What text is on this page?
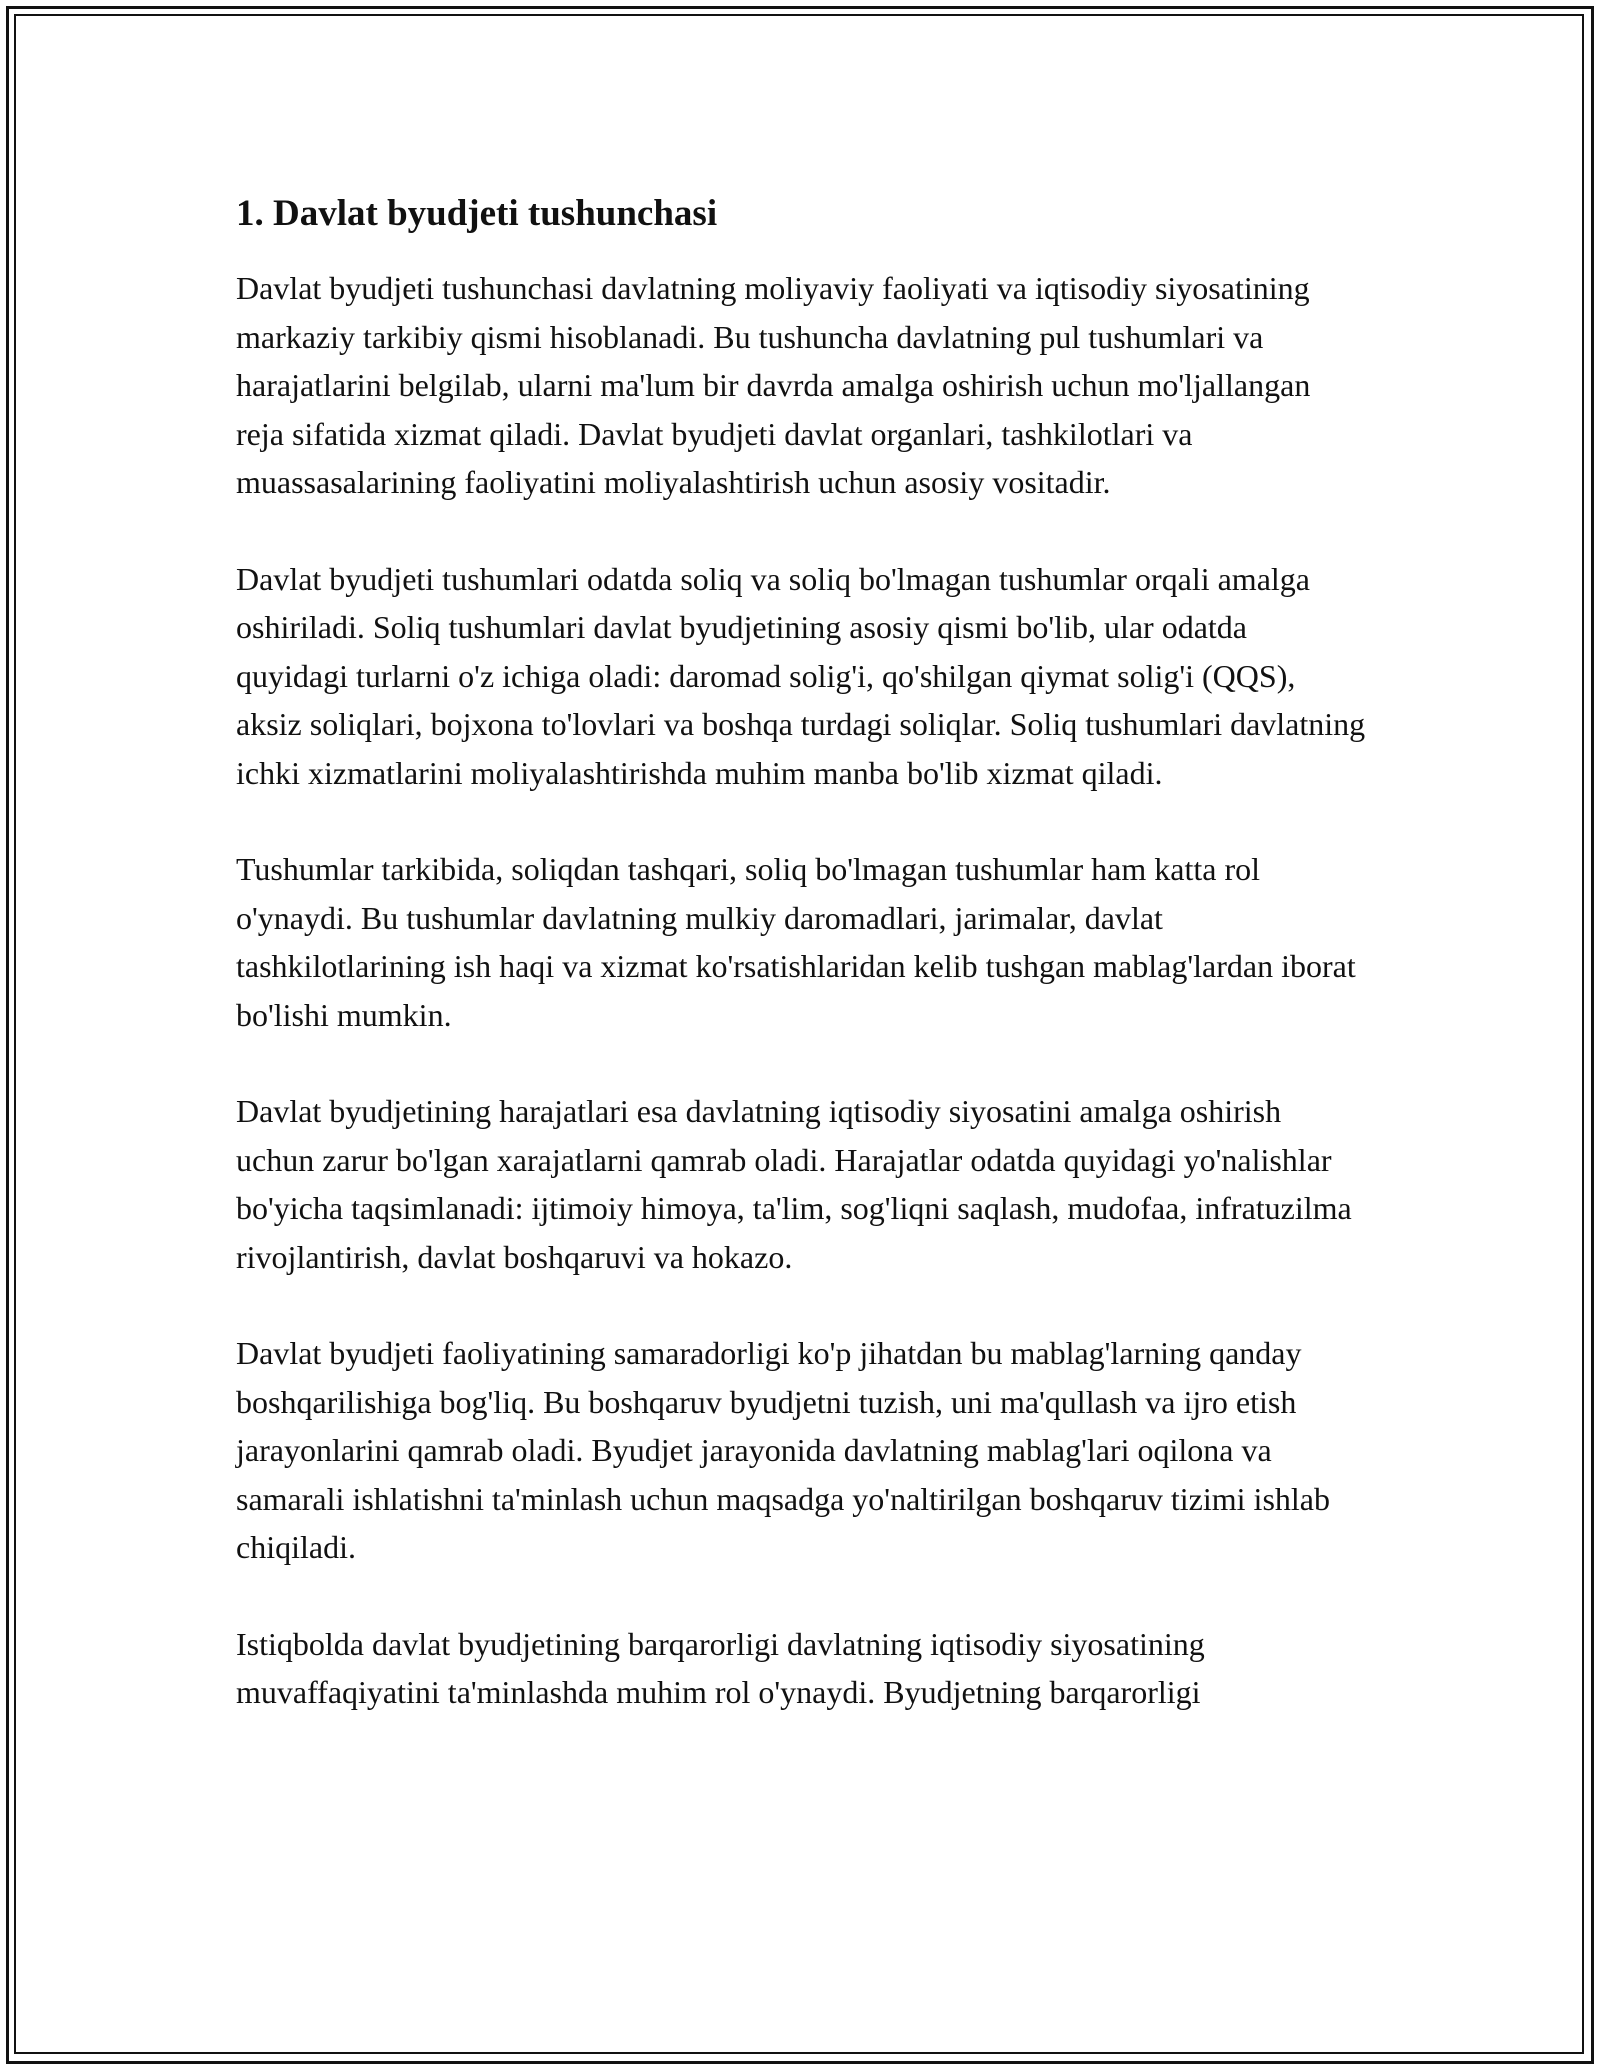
1. Davlat byudjeti tushunchasi

Davlat byudjeti tushunchasi davlatning moliyaviy faoliyati va iqtisodiy siyosatining markaziy tarkibiy qismi hisoblanadi. Bu tushuncha davlatning pul tushumlari va harajatlarini belgilab, ularni ma'lum bir davrda amalga oshirish uchun mo'ljallangan reja sifatida xizmat qiladi. Davlat byudjeti davlat organlari, tashkilotlari va muassasalarining faoliyatini moliyalashtirish uchun asosiy vositadir.

Davlat byudjeti tushumlari odatda soliq va soliq bo'lmagan tushumlar orqali amalga oshiriladi. Soliq tushumlari davlat byudjetining asosiy qismi bo'lib, ular odatda quyidagi turlarni o'z ichiga oladi: daromad solig'i, qo'shilgan qiymat solig'i (QQS), aksiz soliqlari, bojxona to'lovlari va boshqa turdagi soliqlar. Soliq tushumlari davlatning ichki xizmatlarini moliyalashtirishda muhim manba bo'lib xizmat qiladi.

Tushumlar tarkibida, soliqdan tashqari, soliq bo'lmagan tushumlar ham katta rol o'ynaydi. Bu tushumlar davlatning mulkiy daromadlari, jarimalar, davlat tashkilotlarining ish haqi va xizmat ko'rsatishlaridan kelib tushgan mablag'lardan iborat bo'lishi mumkin.

Davlat byudjetining harajatlari esa davlatning iqtisodiy siyosatini amalga oshirish uchun zarur bo'lgan xarajatlarni qamrab oladi. Harajatlar odatda quyidagi yo'nalishlar bo'yicha taqsimlanadi: ijtimoiy himoya, ta'lim, sog'liqni saqlash, mudofaa, infratuzilma rivojlantirish, davlat boshqaruvi va hokazo.

Davlat byudjeti faoliyatining samaradorligi ko'p jihatdan bu mablag'larning qanday boshqarilishiga bog'liq. Bu boshqaruv byudjetni tuzish, uni ma'qullash va ijro etish jarayonlarini qamrab oladi. Byudjet jarayonida davlatning mablag'lari oqilona va samarali ishlatishni ta'minlash uchun maqsadga yo'naltirilgan boshqaruv tizimi ishlab chiqiladi.

Istiqbolda davlat byudjetining barqarorligi davlatning iqtisodiy siyosatining muvaffaqiyatini ta'minlashda muhim rol o'ynaydi. Byudjetning barqarorligi
